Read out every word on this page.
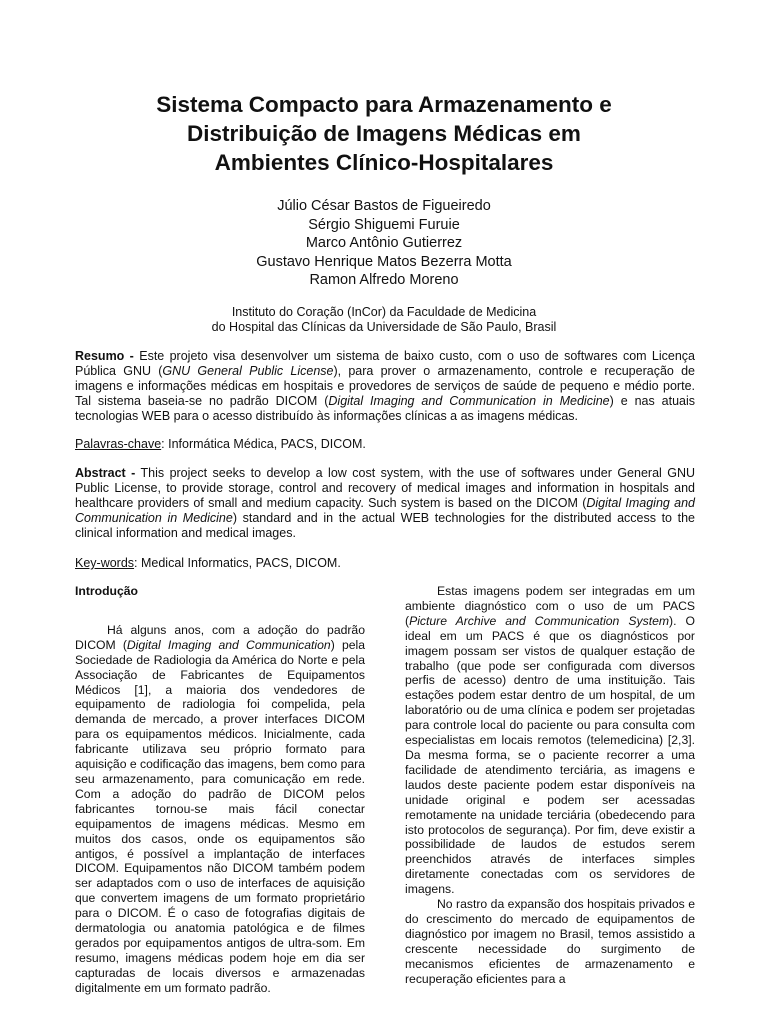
Sistema Compacto para Armazenamento e
Distribuição de Imagens Médicas em
Ambientes Clínico-Hospitalares
Júlio César Bastos de Figueiredo
Sérgio Shiguemi Furuie
Marco Antônio Gutierrez
Gustavo Henrique Matos Bezerra Motta
Ramon Alfredo Moreno
Instituto do Coração (InCor) da Faculdade de Medicina
do Hospital das Clínicas da Universidade de São Paulo, Brasil
Resumo - Este projeto visa desenvolver um sistema de baixo custo, com o uso de softwares com Licença Pública GNU (GNU General Public License), para prover o armazenamento, controle e recuperação de imagens e informações médicas em hospitais e provedores de serviços de saúde de pequeno e médio porte. Tal sistema baseia-se no padrão DICOM (Digital Imaging and Communication in Medicine) e nas atuais tecnologias WEB para o acesso distribuído às informações clínicas a as imagens médicas.
Palavras-chave: Informática Médica, PACS, DICOM.
Abstract - This project seeks to develop a low cost system, with the use of softwares under General GNU Public License, to provide storage, control and recovery of medical images and information in hospitals and healthcare providers of small and medium capacity. Such system is based on the DICOM (Digital Imaging and Communication in Medicine) standard and in the actual WEB technologies for the distributed access to the clinical information and medical images.
Key-words: Medical Informatics, PACS, DICOM.
Introdução

Há alguns anos, com a adoção do padrão DICOM (Digital Imaging and Communication) pela Sociedade de Radiologia da América do Norte e pela Associação de Fabricantes de Equipamentos Médicos [1], a maioria dos vendedores de equipamento de radiologia foi compelida, pela demanda de mercado, a prover interfaces DICOM para os equipamentos médicos. Inicialmente, cada fabricante utilizava seu próprio formato para aquisição e codificação das imagens, bem como para seu armazenamento, para comunicação em rede. Com a adoção do padrão de DICOM pelos fabricantes tornou-se mais fácil conectar equipamentos de imagens médicas. Mesmo em muitos dos casos, onde os equipamentos são antigos, é possível a implantação de interfaces DICOM. Equipamentos não DICOM também podem ser adaptados com o uso de interfaces de aquisição que convertem imagens de um formato proprietário para o DICOM. É o caso de fotografias digitais de dermatologia ou anatomia patológica e de filmes gerados por equipamentos antigos de ultra-som. Em resumo, imagens médicas podem hoje em dia ser capturadas de locais diversos e armazenadas digitalmente em um formato padrão.

Estas imagens podem ser integradas em um ambiente diagnóstico com o uso de um PACS (Picture Archive and Communication System). O ideal em um PACS é que os diagnósticos por imagem possam ser vistos de qualquer estação de trabalho (que pode ser configurada com diversos perfis de acesso) dentro de uma instituição. Tais estações podem estar dentro de um hospital, de um laboratório ou de uma clínica e podem ser projetadas para controle local do paciente ou para consulta com especialistas em locais remotos (telemedicina) [2,3]. Da mesma forma, se o paciente recorrer a uma facilidade de atendimento terciária, as imagens e laudos deste paciente podem estar disponíveis na unidade original e podem ser acessadas remotamente na unidade terciária (obedecendo para isto protocolos de segurança). Por fim, deve existir a possibilidade de laudos de estudos serem preenchidos através de interfaces simples diretamente conectadas com os servidores de imagens.

No rastro da expansão dos hospitais privados e do crescimento do mercado de equipamentos de diagnóstico por imagem no Brasil, temos assistido a crescente necessidade do surgimento de mecanismos eficientes de armazenamento e recuperação eficientes para a
